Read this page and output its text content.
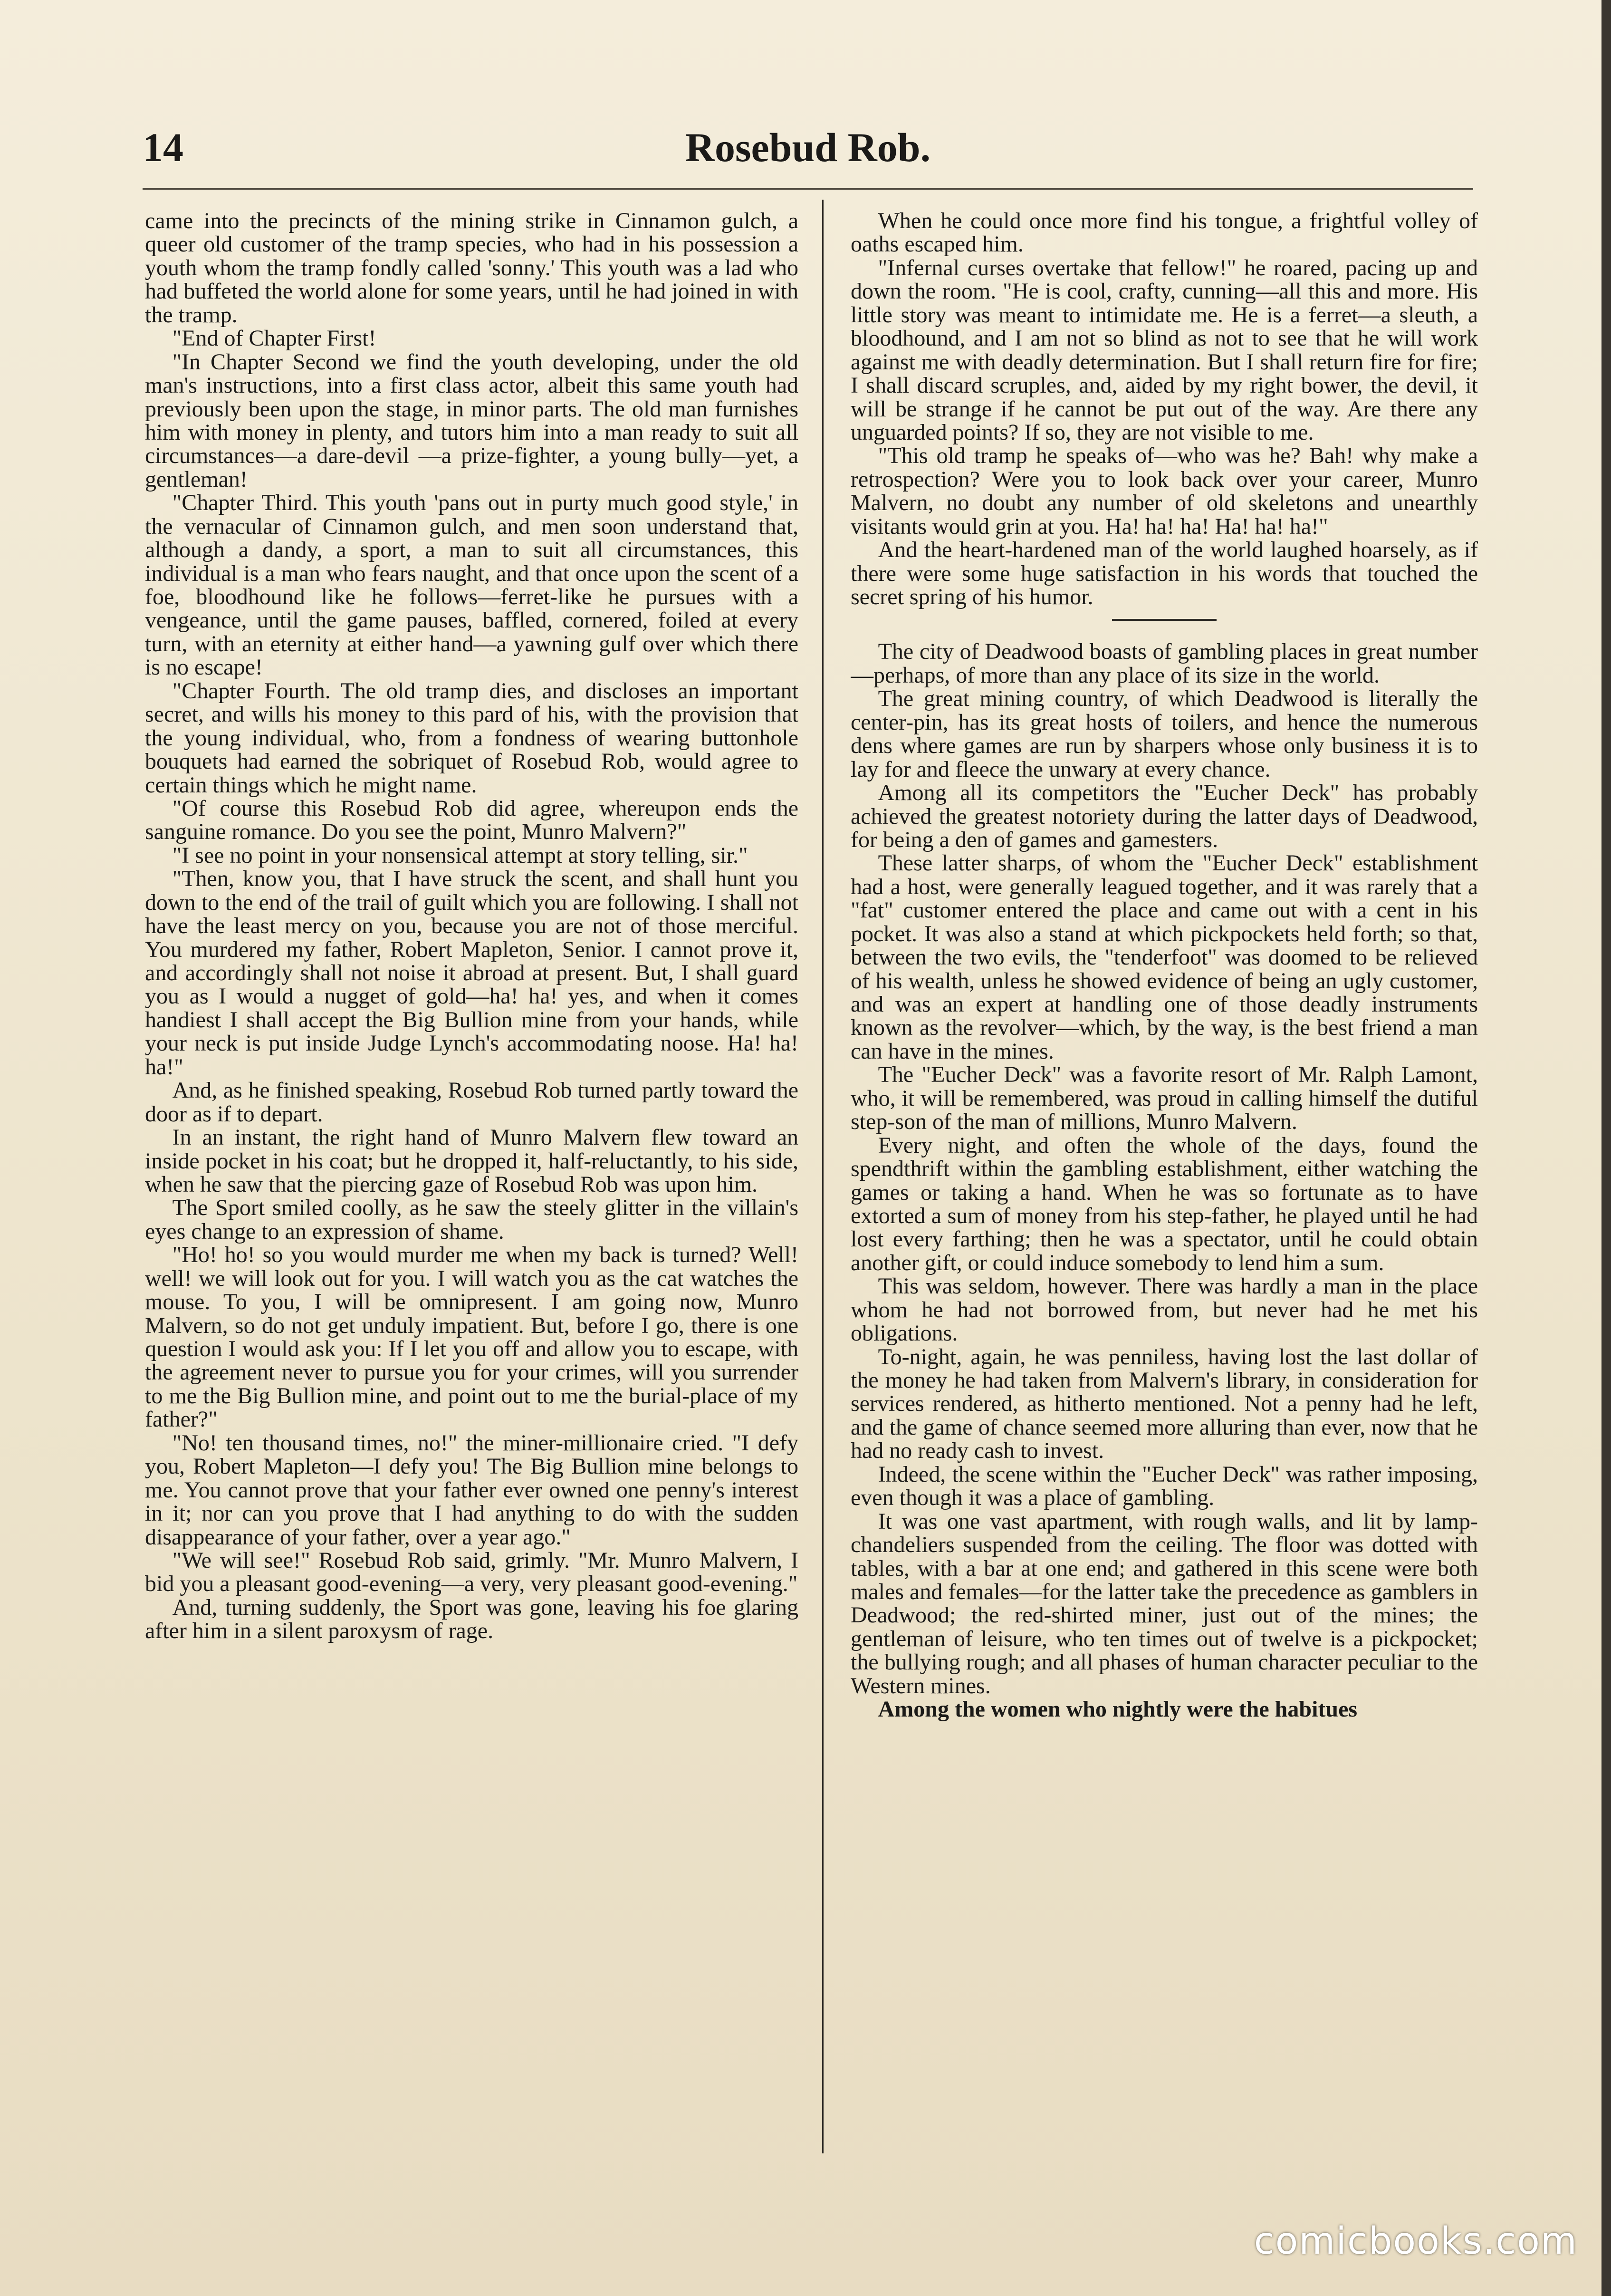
14	Rosebud Rob.

came into the precincts of the mining strike in Cinnamon gulch, a queer old customer of the tramp species, who had in his possession a youth whom the tramp fondly called 'sonny.' This youth was a lad who had buffeted the world alone for some years, until he had joined in with the tramp.

"End of Chapter First!

"In Chapter Second we find the youth developing, under the old man's instructions, into a first class actor, albeit this same youth had previously been upon the stage, in minor parts. The old man furnishes him with money in plenty, and tutors him into a man ready to suit all circumstances—a dare-devil —a prize-fighter, a young bully—yet, a gentleman!

"Chapter Third. This youth 'pans out in purty much good style,' in the vernacular of Cinnamon gulch, and men soon understand that, although a dandy, a sport, a man to suit all circumstances, this individual is a man who fears naught, and that once upon the scent of a foe, bloodhound like he follows—ferret-like he pursues with a vengeance, until the game pauses, baffled, cornered, foiled at every turn, with an eternity at either hand—a yawning gulf over which there is no escape!

"Chapter Fourth. The old tramp dies, and discloses an important secret, and wills his money to this pard of his, with the provision that the young individual, who, from a fondness of wearing buttonhole bouquets had earned the sobriquet of Rosebud Rob, would agree to certain things which he might name.

"Of course this Rosebud Rob did agree, whereupon ends the sanguine romance. Do you see the point, Munro Malvern?"

"I see no point in your nonsensical attempt at story telling, sir."

"Then, know you, that I have struck the scent, and shall hunt you down to the end of the trail of guilt which you are following. I shall not have the least mercy on you, because you are not of those merciful. You murdered my father, Robert Mapleton, Senior. I cannot prove it, and accordingly shall not noise it abroad at present. But, I shall guard you as I would a nugget of gold—ha! ha! yes, and when it comes handiest I shall accept the Big Bullion mine from your hands, while your neck is put inside Judge Lynch's accommodating noose. Ha! ha! ha!"

And, as he finished speaking, Rosebud Rob turned partly toward the door as if to depart.

In an instant, the right hand of Munro Malvern flew toward an inside pocket in his coat; but he dropped it, half-reluctantly, to his side, when he saw that the piercing gaze of Rosebud Rob was upon him.

The Sport smiled coolly, as he saw the steely glitter in the villain's eyes change to an expression of shame.

"Ho! ho! so you would murder me when my back is turned? Well! well! we will look out for you. I will watch you as the cat watches the mouse. To you, I will be omnipresent. I am going now, Munro Malvern, so do not get unduly impatient. But, before I go, there is one question I would ask you: If I let you off and allow you to escape, with the agreement never to pursue you for your crimes, will you surrender to me the Big Bullion mine, and point out to me the burial-place of my father?"

"No! ten thousand times, no!" the miner-millionaire cried. "I defy you, Robert Mapleton—I defy you! The Big Bullion mine belongs to me. You cannot prove that your father ever owned one penny's interest in it; nor can you prove that I had anything to do with the sudden disappearance of your father, over a year ago."

"We will see!" Rosebud Rob said, grimly. "Mr. Munro Malvern, I bid you a pleasant good-evening—a very, very pleasant good-evening."

And, turning suddenly, the Sport was gone, leaving his foe glaring after him in a silent paroxysm of rage.

When he could once more find his tongue, a frightful volley of oaths escaped him.

"Infernal curses overtake that fellow!" he roared, pacing up and down the room. "He is cool, crafty, cunning—all this and more. His little story was meant to intimidate me. He is a ferret—a sleuth, a bloodhound, and I am not so blind as not to see that he will work against me with deadly determination. But I shall return fire for fire; I shall discard scruples, and, aided by my right bower, the devil, it will be strange if he cannot be put out of the way. Are there any unguarded points? If so, they are not visible to me.

"This old tramp he speaks of—who was he? Bah! why make a retrospection? Were you to look back over your career, Munro Malvern, no doubt any number of old skeletons and unearthly visitants would grin at you. Ha! ha! ha! Ha! ha! ha!"

And the heart-hardened man of the world laughed hoarsely, as if there were some huge satisfaction in his words that touched the secret spring of his humor.

The city of Deadwood boasts of gambling places in great number—perhaps, of more than any place of its size in the world.

The great mining country, of which Deadwood is literally the center-pin, has its great hosts of toilers, and hence the numerous dens where games are run by sharpers whose only business it is to lay for and fleece the unwary at every chance.

Among all its competitors the "Eucher Deck" has probably achieved the greatest notoriety during the latter days of Deadwood, for being a den of games and gamesters.

These latter sharps, of whom the "Eucher Deck" establishment had a host, were generally leagued together, and it was rarely that a "fat" customer entered the place and came out with a cent in his pocket. It was also a stand at which pickpockets held forth; so that, between the two evils, the "tenderfoot" was doomed to be relieved of his wealth, unless he showed evidence of being an ugly customer, and was an expert at handling one of those deadly instruments known as the revolver—which, by the way, is the best friend a man can have in the mines.

The "Eucher Deck" was a favorite resort of Mr. Ralph Lamont, who, it will be remembered, was proud in calling himself the dutiful step-son of the man of millions, Munro Malvern.

Every night, and often the whole of the days, found the spendthrift within the gambling establishment, either watching the games or taking a hand. When he was so fortunate as to have extorted a sum of money from his step-father, he played until he had lost every farthing; then he was a spectator, until he could obtain another gift, or could induce somebody to lend him a sum.

This was seldom, however. There was hardly a man in the place whom he had not borrowed from, but never had he met his obligations.

To-night, again, he was penniless, having lost the last dollar of the money he had taken from Malvern's library, in consideration for services rendered, as hitherto mentioned. Not a penny had he left, and the game of chance seemed more alluring than ever, now that he had no ready cash to invest.

Indeed, the scene within the "Eucher Deck" was rather imposing, even though it was a place of gambling.

It was one vast apartment, with rough walls, and lit by lamp-chandeliers suspended from the ceiling. The floor was dotted with tables, with a bar at one end; and gathered in this scene were both males and females—for the latter take the precedence as gamblers in Deadwood; the red-shirted miner, just out of the mines; the gentleman of leisure, who ten times out of twelve is a pickpocket; the bullying rough; and all phases of human character peculiar to the Western mines.

Among the women who nightly were the habitues

comicbooks.com
